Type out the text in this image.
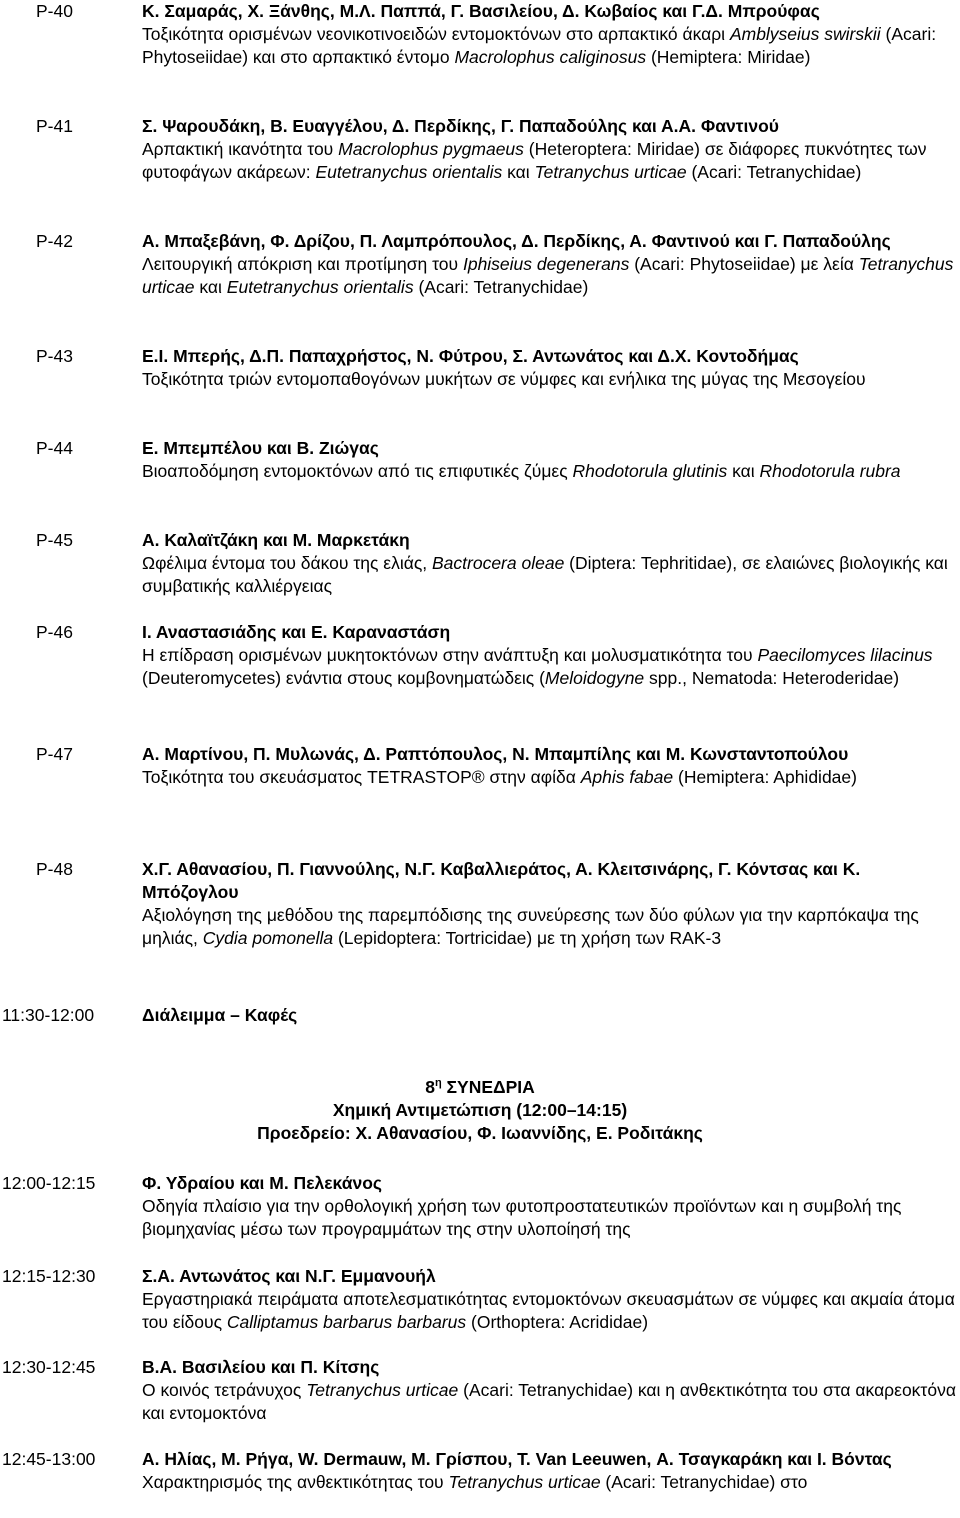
P-40	Κ. Σαμαράς, Χ. Ξάνθης, Μ.Λ. Παππά, Γ. Βασιλείου, Δ. Κωβαίος και Γ.Δ. Μπρούφας
Τοξικότητα ορισμένων νεονικοτινοειδών εντομοκτόνων στο αρπακτικό άκαρι Amblyseius swirskii (Acari: Phytoseiidae) και στο αρπακτικό έντομο Macrolophus caliginosus (Hemiptera: Miridae)
P-41	Σ. Ψαρουδάκη, Β. Ευαγγέλου, Δ. Περδίκης, Γ. Παπαδούλης και Α.Α. Φαντινού
Αρπακτική ικανότητα του Macrolophus pygmaeus (Heteroptera: Miridae) σε διάφορες πυκνότητες των φυτοφάγων ακάρεων: Eutetranychus orientalis και Tetranychus urticae (Acari: Tetranychidae)
P-42	Α. Μπαξεβάνη, Φ. Δρίζου, Π. Λαμπρόπουλος, Δ. Περδίκης, Α. Φαντινού και Γ. Παπαδούλης
Λειτουργική απόκριση και προτίμηση του Iphiseius degenerans (Acari: Phytoseiidae) με λεία Tetranychus urticae και Eutetranychus orientalis (Acari: Tetranychidae)
P-43	Ε.Ι. Μπερής, Δ.Π. Παπαχρήστος, Ν. Φύτρου, Σ. Αντωνάτος και Δ.Χ. Κοντοδήμας
Τοξικότητα τριών εντομοπαθογόνων μυκήτων σε νύμφες και ενήλικα της μύγας της Μεσογείου
P-44	Ε. Μπεμπέλου και Β. Ζιώγας
Βιοαποδόμηση εντομοκτόνων από τις επιφυτικές ζύμες Rhodotorula glutinis και Rhodotorula rubra
P-45	Α. Καλαϊτζάκη και Μ. Μαρκετάκη
Ωφέλιμα έντομα του δάκου της ελιάς, Bactrocera oleae (Diptera: Tephritidae), σε ελαιώνες βιολογικής και συμβατικής καλλιέργειας
P-46	Ι. Αναστασιάδης και Ε. Καραναστάση
Η επίδραση ορισμένων μυκητοκτόνων στην ανάπτυξη και μολυσματικότητα του Paecilomyces lilacinus (Deuteromycetes) ενάντια στους κομβονηματώδεις (Meloidogyne spp., Nematoda: Heteroderidae)
P-47	Α. Μαρτίνου, Π. Μυλωνάς, Δ. Ραπτόπουλος, Ν. Μπαμπίλης και Μ. Κωνσταντοπούλου
Τοξικότητα του σκευάσματος TETRASTOP® στην αφίδα Aphis fabae (Hemiptera: Aphididae)
P-48	Χ.Γ. Αθανασίου, Π. Γιαννούλης, Ν.Γ. Καβαλλιεράτος, Α. Κλειτσινάρης, Γ. Κόντσας και Κ. Μπόζογλου
Αξιολόγηση της μεθόδου της παρεμπόδισης της συνεύρεσης των δύο φύλων για την καρπόκαψα της μηλιάς, Cydia pomonella (Lepidoptera: Tortricidae) με τη χρήση των RAK-3
11:30-12:00	Διάλειμμα – Καφές
$8^\eta$ ΣΥΝΕΔΡΙΑ
Χημική Αντιμετώπιση (12:00–14:15)
Προεδρείο: Χ. Αθανασίου, Φ. Ιωαννίδης, Ε. Ροδιτάκης
12:00-12:15	Φ. Υδραίου και Μ. Πελεκάνος
Οδηγία πλαίσιο για την ορθολογική χρήση των φυτοπροστατευτικών προϊόντων και η συμβολή της βιομηχανίας μέσω των προγραμμάτων της στην υλοποίησή της
12:15-12:30	Σ.Α. Αντωνάτος και Ν.Γ. Εμμανουήλ
Εργαστηριακά πειράματα αποτελεσματικότητας εντομοκτόνων σκευασμάτων σε νύμφες και ακμαία άτομα του είδους Calliptamus barbarus barbarus (Orthoptera: Acrididae)
12:30-12:45	Β.Α. Βασιλείου και Π. Κίτσης
Ο κοινός τετράνυχος Tetranychus urticae (Acari: Tetranychidae) και η ανθεκτικότητα του στα ακαρεοκτόνα και εντομοκτόνα
12:45-13:00	Α. Ηλίας, Μ. Ρήγα, W. Dermauw, M. Γρίσπου, T. Van Leeuwen, Α. Τσαγκαράκη και Ι. Βόντας
Χαρακτηρισμός της ανθεκτικότητας του Tetranychus urticae (Acari: Tetranychidae) στο
